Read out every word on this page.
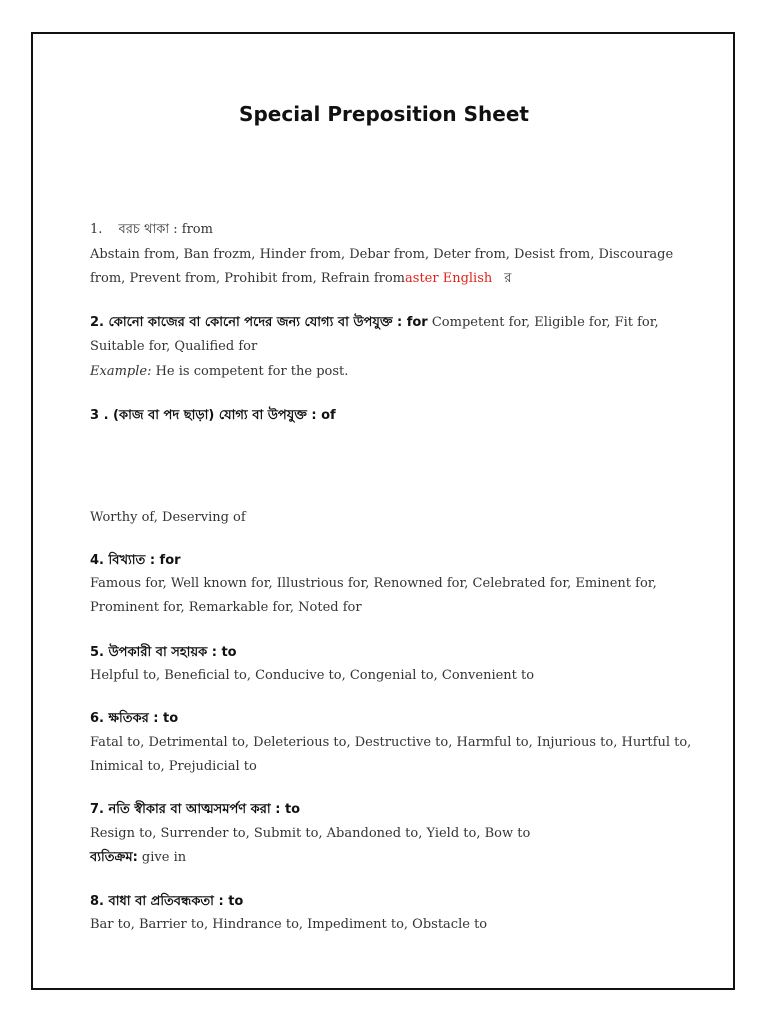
Special Preposition Sheet
1. বরচ থাকা : from
Abstain from, Ban frozm, Hinder from, Debar from, Deter from, Desist from, Discourage
from, Prevent from, Prohibit from, Refrain fromaster English র
2. কোনো কাজের বা কোনো পদের জন্য যোগ্য বা উপযুক্ত : for Competent for, Eligible for, Fit for,
Suitable for, Qualified for
Example: He is competent for the post.
3 . (কাজ বা পদ ছাড়া) যোগ্য বা উপযুক্ত : of
Worthy of, Deserving of
4. বিখ্যাত : for
Famous for, Well known for, Illustrious for, Renowned for, Celebrated for, Eminent for,
Prominent for, Remarkable for, Noted for
5. উপকারী বা সহায়ক : to
Helpful to, Beneficial to, Conducive to, Congenial to, Convenient to
6. ক্ষতিকর : to
Fatal to, Detrimental to, Deleterious to, Destructive to, Harmful to, Injurious to, Hurtful to,
Inimical to, Prejudicial to
7. নতি স্বীকার বা আত্মসমর্পণ করা : to
Resign to, Surrender to, Submit to, Abandoned to, Yield to, Bow to
ব্যতিক্রম: give in
8. বাধা বা প্রতিবন্ধকতা : to
Bar to, Barrier to, Hindrance to, Impediment to, Obstacle to
